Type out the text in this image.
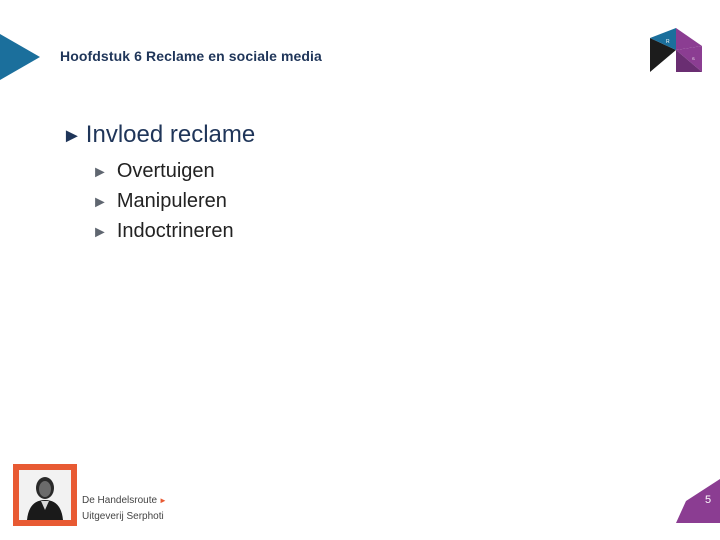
Hoofdstuk 6 Reclame en sociale media
R
S
► Invloed reclame
► Overtuigen
► Manipuleren
► Indoctrineren
De Handelsroute ►
Uitgeverij Serphoti
5
